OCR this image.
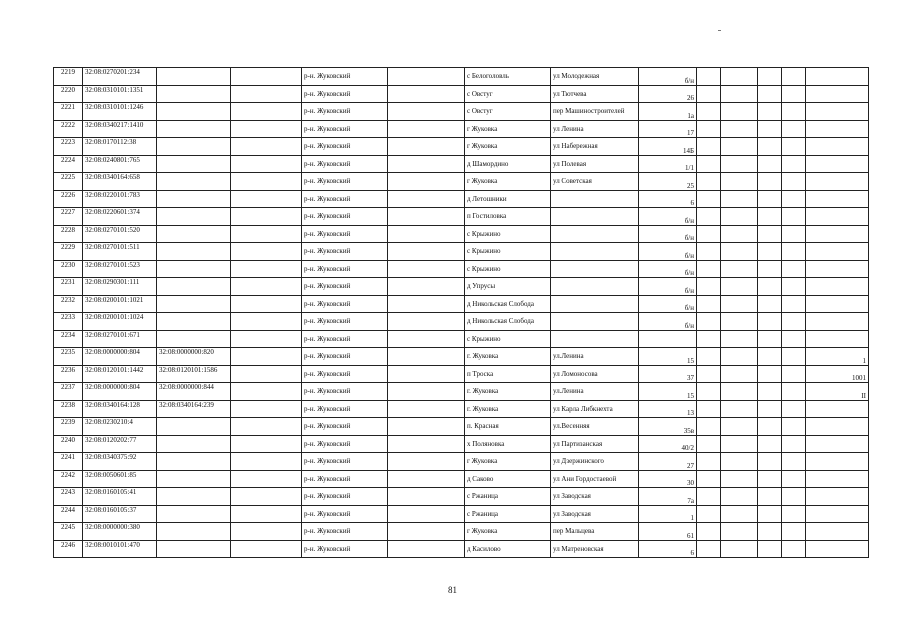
2219	32:08:0270201:234			р-н. Жуковский		с Белоголовль	ул Молодежная	б/н					
2220	32:08:0310101:1351			р-н. Жуковский		с Овстуг	ул Тютчева	26					
2221	32:08:0310101:1246			р-н. Жуковский		с Овстуг	пер Машиностроителей	1а					
2222	32:08:0340217:1410			р-н. Жуковский		г Жуковка	ул Ленина	17					
2223	32:08:0170112:38			р-н. Жуковский		г Жуковка	ул Набережная	14Б					
2224	32:08:0240801:765			р-н. Жуковский		д Шамордино	ул Полевая	1/1					
2225	32:08:0340164:658			р-н. Жуковский		г Жуковка	ул Советская	25					
2226	32:08:0220101:783			р-н. Жуковский		д Летошники		6					
2227	32:08:0220601:374			р-н. Жуковский		п Гостиловка		б/н					
2228	32:08:0270101:520			р-н. Жуковский		с Крыжино		б/н					
2229	32:08:0270101:511			р-н. Жуковский		с Крыжино		б/н					
2230	32:08:0270101:523			р-н. Жуковский		с Крыжино		б/н					
2231	32:08:0290301:111			р-н. Жуковский		д Упрусы		б/н					
2232	32:08:0200101:1021			р-н. Жуковский		д Никольская Слобода		б/н					
2233	32:08:0200101:1024			р-н. Жуковский		д Никольская Слобода		б/н					
2234	32:08:0270101:671			р-н. Жуковский		с Крыжино							
2235	32:08:0000000:804	32:08:0000000:820		р-н. Жуковский		г. Жуковка	ул.Ленина	15					1
2236	32:08:0120101:1442	32:08:0120101:1586		р-н. Жуковский		п Троска	ул Ломоносова	37					1001
2237	32:08:0000000:804	32:08:0000000:844		р-н. Жуковский		г. Жуковка	ул.Ленина	15					II
2238	32:08:0340164:128	32:08:0340164:239		р-н. Жуковский		г. Жуковка	ул Карла Либкнехта	13					
2239	32:08:0230210:4			р-н. Жуковский		п. Красная	ул.Весенняя	35в					
2240	32:08:0120202:77			р-н. Жуковский		х Поляновка	ул Партизанская	40/2					
2241	32:08:0340375:92			р-н. Жуковский		г Жуковка	ул Дзержинского	27					
2242	32:08:0050601:85			р-н. Жуковский		д Саково	ул Ани Гордостаевой	30					
2243	32:08:0160105:41			р-н. Жуковский		с Ржаница	ул Заводская	7а					
2244	32:08:0160105:37			р-н. Жуковский		с Ржаница	ул Заводская	1					
2245	32:08:0000000:380			р-н. Жуковский		г Жуковка	пер Мальцева	61					
2246	32:08:0010101:470			р-н. Жуковский		д Касилово	ул Матреновская	6					
81
